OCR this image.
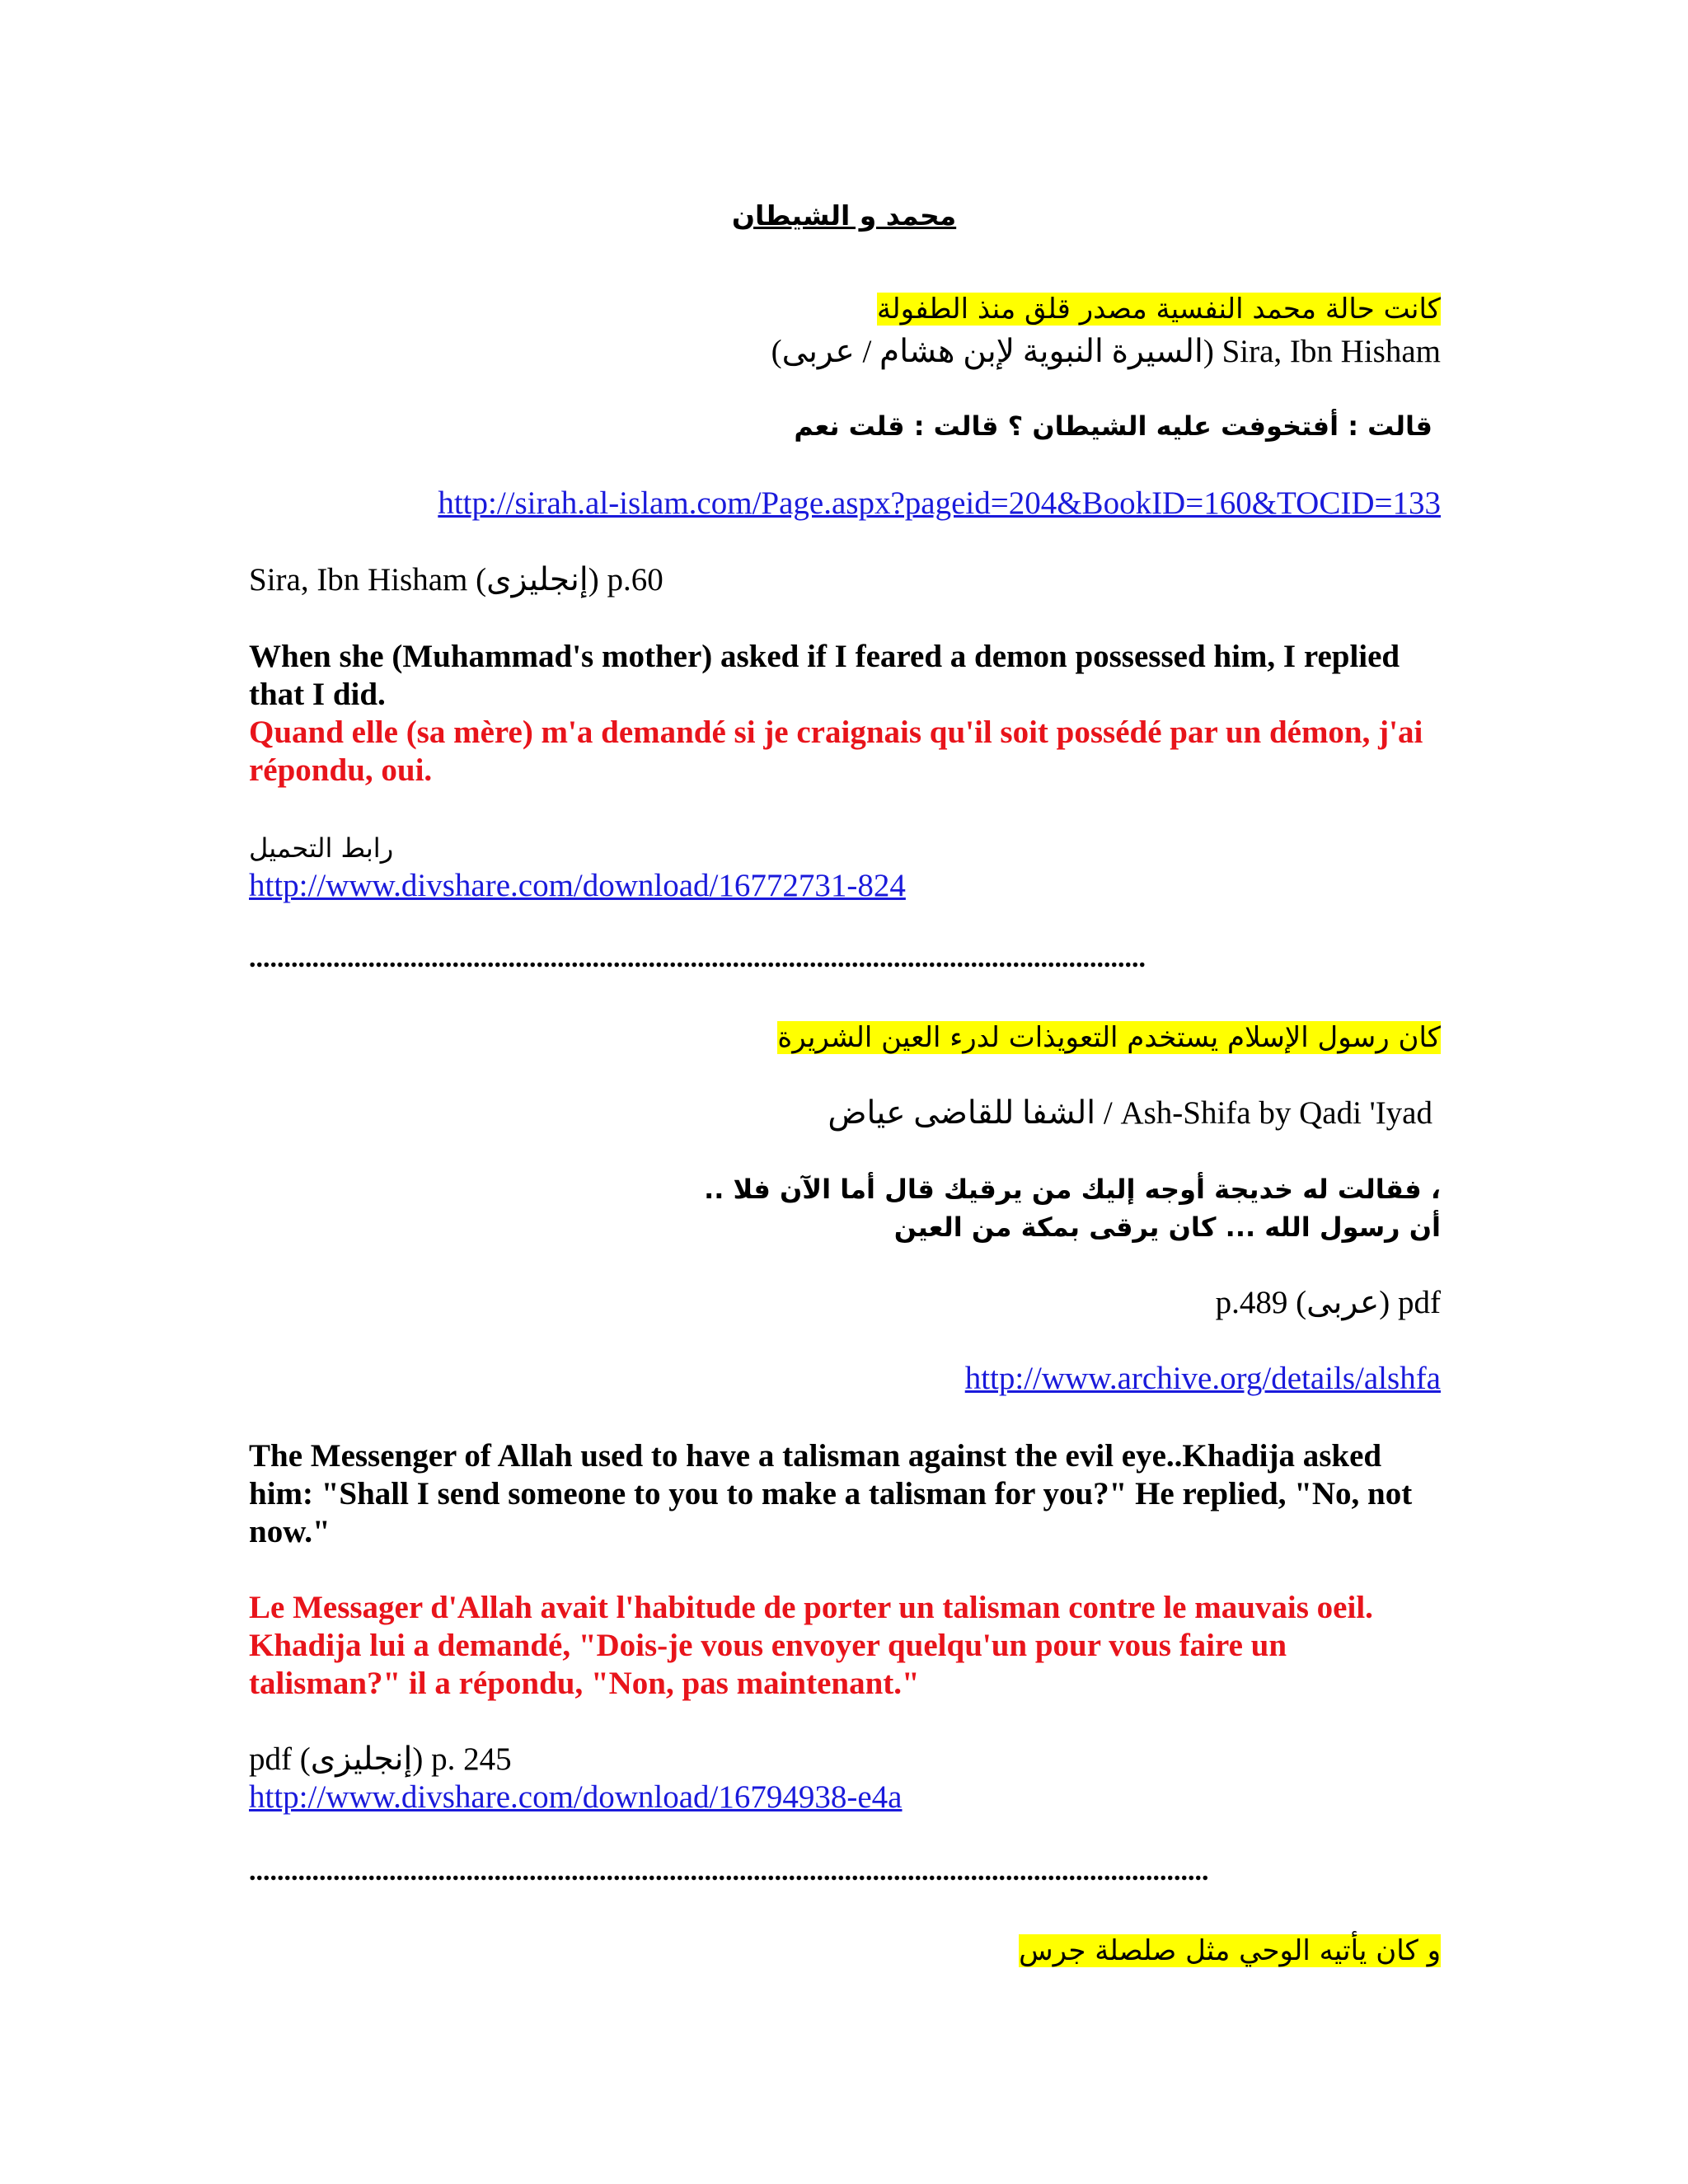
محمد و الشيطان
كانت حالة محمد النفسية مصدر قلق منذ الطفولة
Sira, Ibn Hisham (السيرة النبوية لإبن هشام / عربى)
قالت : أفتخوفت عليه الشيطان ؟ قالت : قلت نعم
http://sirah.al-islam.com/Page.aspx?pageid=204&BookID=160&TOCID=133
Sira, Ibn Hisham (إنجليزى) p.60
When she (Muhammad's mother) asked if I feared a demon possessed him, I replied that I did.
Quand elle (sa mère) m'a demandé si je craignais qu'il soit possédé par un démon, j'ai répondu, oui.
رابط التحميل
http://www.divshare.com/download/16772731-824
................................................................................................................................
كان رسول الإسلام يستخدم التعويذات لدرء العين الشريرة
Ash-Shifa by Qadi 'Iyad / الشفا للقاضى عياض
، فقالت له خديجة أوجه إليك من يرقيك قال أما الآن فلا ..
أن رسول الله ... كان يرقى بمكة من العين
pdf (عربى) p.489
http://www.archive.org/details/alshfa
The Messenger of Allah used to have a talisman against the evil eye..Khadija asked him: "Shall I send someone to you to make a talisman for you?" He replied, "No, not now."
Le Messager d'Allah avait l'habitude de porter un talisman contre le mauvais oeil. Khadija lui a demandé, "Dois-je vous envoyer quelqu'un pour vous faire un talisman?" il a répondu, "Non, pas maintenant."
pdf (إنجليزى) p. 245
http://www.divshare.com/download/16794938-e4a
.........................................................................................................................................
و كان يأتيه الوحي مثل صلصلة جرس
